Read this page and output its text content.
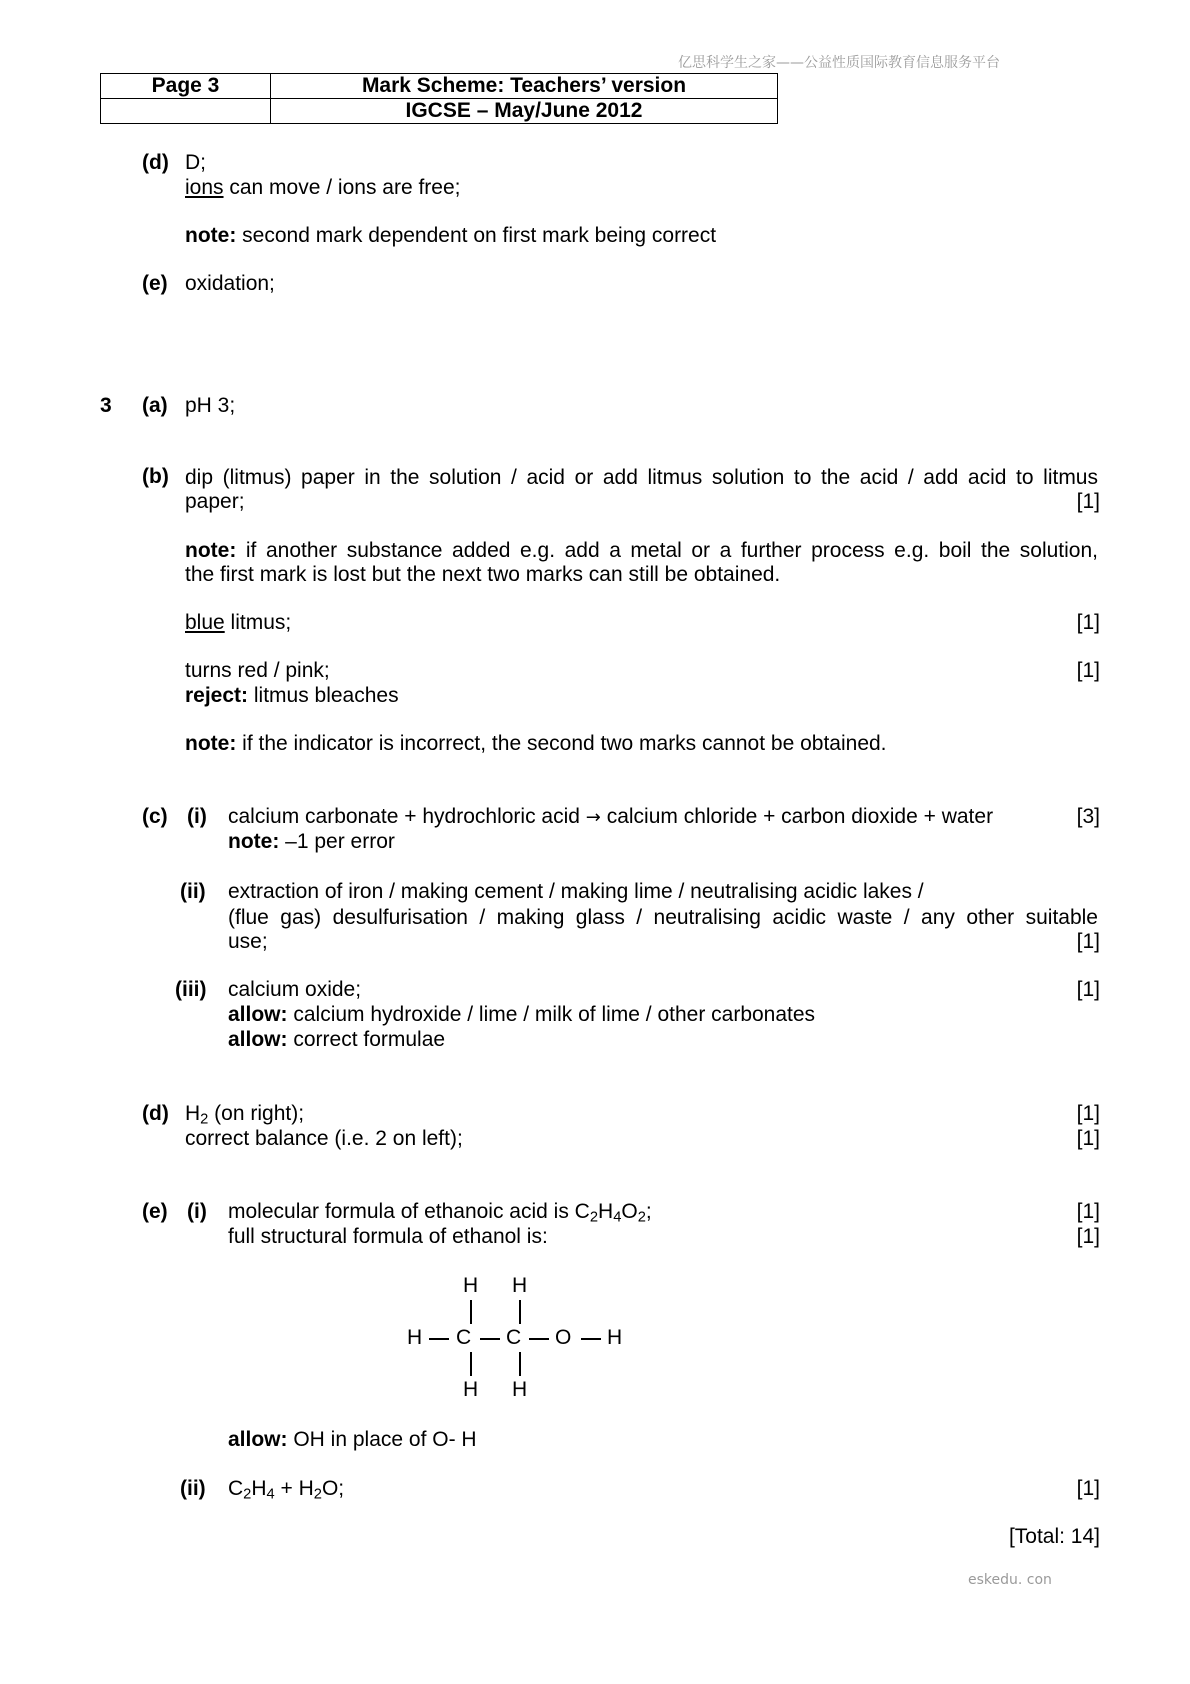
亿思科学生之家——公益性质国际教育信息服务平台
eskedu. con
Page 3	Mark Scheme: Teachers’ version
	IGCSE – May/June 2012
(d) D;
ions can move / ions are free;
note: second mark dependent on first mark being correct
(e) oxidation;
3 (a) pH 3;
(b) dip (litmus) paper in the solution / acid or add litmus solution to the acid / add acid to litmus
paper;	[1]
note: if another substance added e.g. add a metal or a further process e.g. boil the solution,
the first mark is lost but the next two marks can still be obtained.
blue litmus;	[1]
turns red / pink;	[1]
reject: litmus bleaches
note: if the indicator is incorrect, the second two marks cannot be obtained.
(c) (i) calcium carbonate + hydrochloric acid → calcium chloride + carbon dioxide + water	[3]
note: –1 per error
(ii) extraction of iron / making cement / making lime / neutralising acidic lakes /
(flue gas) desulfurisation / making glass / neutralising acidic waste / any other suitable
use;	[1]
(iii) calcium oxide;	[1]
allow: calcium hydroxide / lime / milk of lime / other carbonates
allow: correct formulae
(d) $H_2$ (on right);	[1]
correct balance (i.e. 2 on left);	[1]
(e) (i) molecular formula of ethanoic acid is $C_2H_4O_2$;	[1]
full structural formula of ethanol is:	[1]
H H
H C C O H
H H
allow: OH in place of O- H
(ii) $C_2H_4 + H_2O$;	[1]
[Total: 14]
